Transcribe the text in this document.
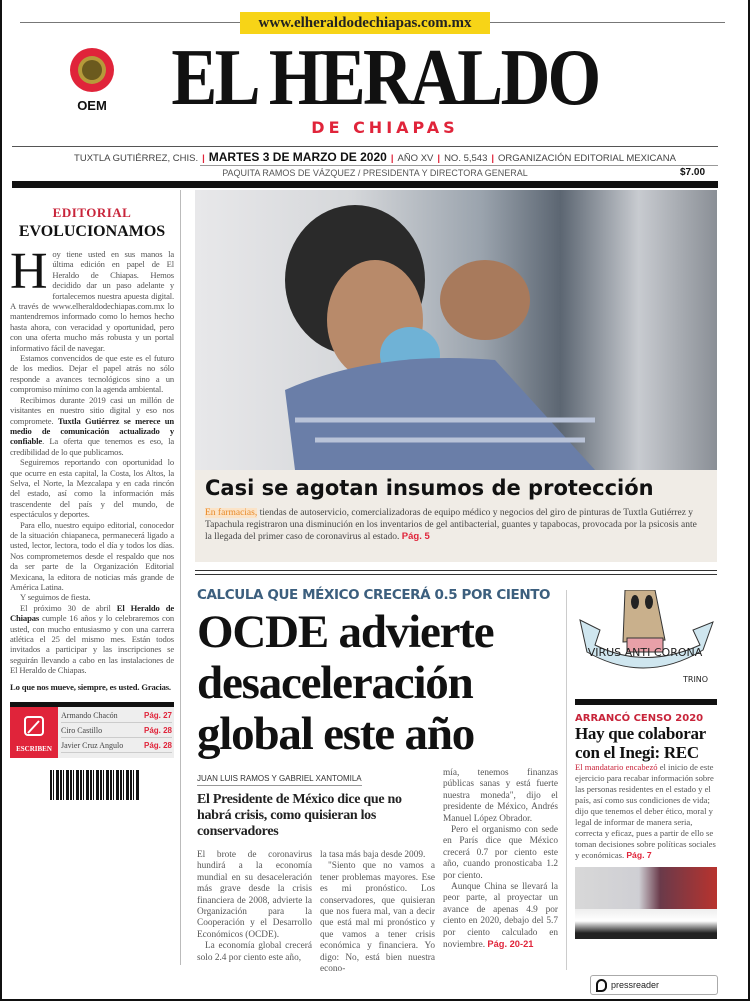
www.elheraldodechiapas.com.mx
OEM EL HERALDO
DE CHIAPAS
TUXTLA GUTIÉRREZ, CHIS. | MARTES 3 DE MARZO DE 2020 | AÑO XV | NO. 5,543 | ORGANIZACIÓN EDITORIAL MEXICANA
PAQUITA RAMOS DE VÁZQUEZ / PRESIDENTA Y DIRECTORA GENERAL	$7.00
EDITORIAL
EVOLUCIONAMOS
H oy tiene usted en sus manos la última edición en papel de El Heraldo de Chiapas. Hemos decidido dar un paso adelante y fortalecemos nuestra apuesta digital. A través de www.elheraldodechiapas.com.mx lo mantendremos informado como lo hemos hecho hasta ahora, con veracidad y oportunidad, pero con una oferta mucho más robusta y un portal informativo fácil de navegar.

Estamos convencidos de que este es el futuro de los medios. Dejar el papel atrás no sólo responde a avances tecnológicos sino a un compromiso mínimo con la agenda ambiental.

Recibimos durante 2019 casi un millón de visitantes en nuestro sitio digital y eso nos compromete. Tuxtla Gutiérrez se merece un medio de comunicación actualizado y confiable. La oferta que tenemos es eso, la credibilidad de lo que publicamos.

Seguiremos reportando con oportunidad lo que ocurre en esta capital, la Costa, los Altos, la Selva, el Norte, la Mezcalapa y en cada rincón del estado, así como la información más trascendente del país y del mundo, de espectáculos y deportes.

Para ello, nuestro equipo editorial, conocedor de la situación chiapaneca, permanecerá ligado a usted, lector, lectora, todo el día y todos los días. Nos comprometemos desde el respaldo que nos da ser parte de la Organización Editorial Mexicana, la editora de noticias más grande de América Latina.

Y seguimos de fiesta.

El próximo 30 de abril El Heraldo de Chiapas cumple 16 años y lo celebraremos con usted, con mucho entusiasmo y con una carrera atlética el 25 del mismo mes. Están todos invitados a participar y las inscripciones se seguirán llevando a cabo en las instalaciones de El Heraldo de Chiapas.

Lo que nos mueve, siempre, es usted. Gracias.

ESCRIBEN
Armando Chacón	Pág. 27
Ciro Castillo	Pág. 28
Javier Cruz Angulo	Pág. 28
Casi se agotan insumos de protección
En farmacias, tiendas de autoservicio, comercializadoras de equipo médico y negocios del giro de pinturas de Tuxtla Gutiérrez y Tapachula registraron una disminución en los inventarios de gel antibacterial, guantes y tapabocas, provocada por la psicosis ante la llegada del primer caso de coronavirus al estado. Pág. 5
CALCULA QUE MÉXICO CRECERÁ 0.5 POR CIENTO
OCDE advierte desaceleración global este año
JUAN LUIS RAMOS Y GABRIEL XANTOMILA
El Presidente de México dice que no habrá crisis, como quisieran los conservadores

El brote de coronavirus hundirá a la economía mundial en su desaceleración más grave desde la crisis financiera de 2008, advierte la Organización para la Cooperación y el Desarrollo Económicos (OCDE).

La economía global crecerá solo 2.4 por ciento este año,

la tasa más baja desde 2009.

"Siento que no vamos a tener problemas mayores. Ese es mi pronóstico. Los conservadores, que quisieran que nos fuera mal, van a decir que está mal mi pronóstico y que vamos a tener crisis económica y financiera. Yo digo: No, está bien nuestra econo-

mía, tenemos finanzas públicas sanas y está fuerte nuestra moneda", dijo el presidente de México, Andrés Manuel López Obrador.

Pero el organismo con sede en París dice que México crecerá 0.7 por ciento este año, cuando pronosticaba 1.2 por ciento.

Aunque China se llevará la peor parte, al proyectar un avance de apenas 4.9 por ciento en 2020, debajo del 5.7 por ciento calculado en noviembre. Pág. 20-21

VIRUS ANTI CORONA
TRINO
ARRANCÓ CENSO 2020
Hay que colaborar con el Inegi: REC
El mandatario encabezó el inicio de este ejercicio para recabar información sobre las personas residentes en el estado y el país, así como sus condiciones de vida; dijo que tenemos el deber ético, moral y legal de informar de manera seria, correcta y eficaz, pues a partir de ello se toman decisiones sobre políticas sociales y económicas. Pág. 7
pressreader
